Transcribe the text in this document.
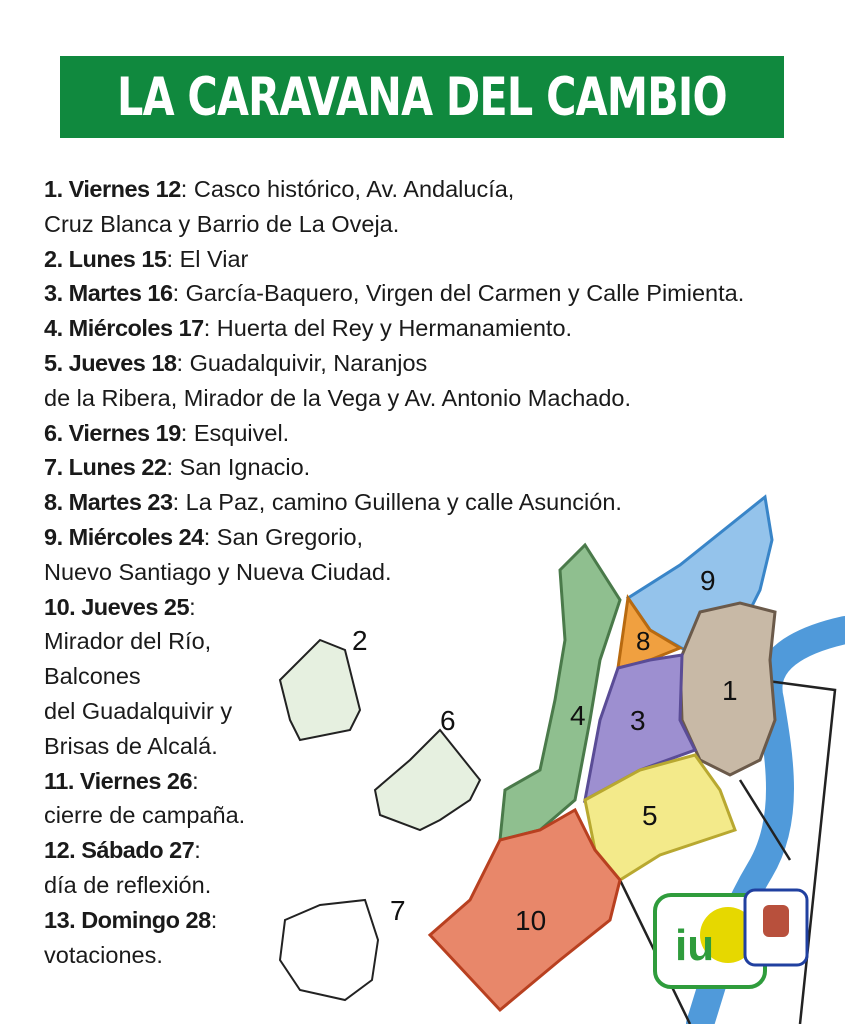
LA CARAVANA DEL CAMBIO
1. Viernes 12: Casco histórico, Av. Andalucía,
Cruz Blanca y Barrio de La Oveja.
2. Lunes 15: El Viar
3. Martes 16: García-Baquero, Virgen del Carmen y Calle Pimienta.
4. Miércoles 17: Huerta del Rey y Hermanamiento.
5. Jueves 18: Guadalquivir, Naranjos
de la Ribera, Mirador de la Vega y Av. Antonio Machado.
6. Viernes 19: Esquivel.
7. Lunes 22: San Ignacio.
8. Martes 23: La Paz, camino Guillena y calle Asunción.
9. Miércoles 24: San Gregorio,
Nuevo Santiago y Nueva Ciudad.
10. Jueves 25:
Mirador del Río,
Balcones
del Guadalquivir y
Brisas de Alcalá.
11. Viernes 26:
cierre de campaña.
12. Sábado 27:
día de reflexión.
13. Domingo 28:
votaciones.
1
2
3
4
5
6
7
8
9
10
iu
